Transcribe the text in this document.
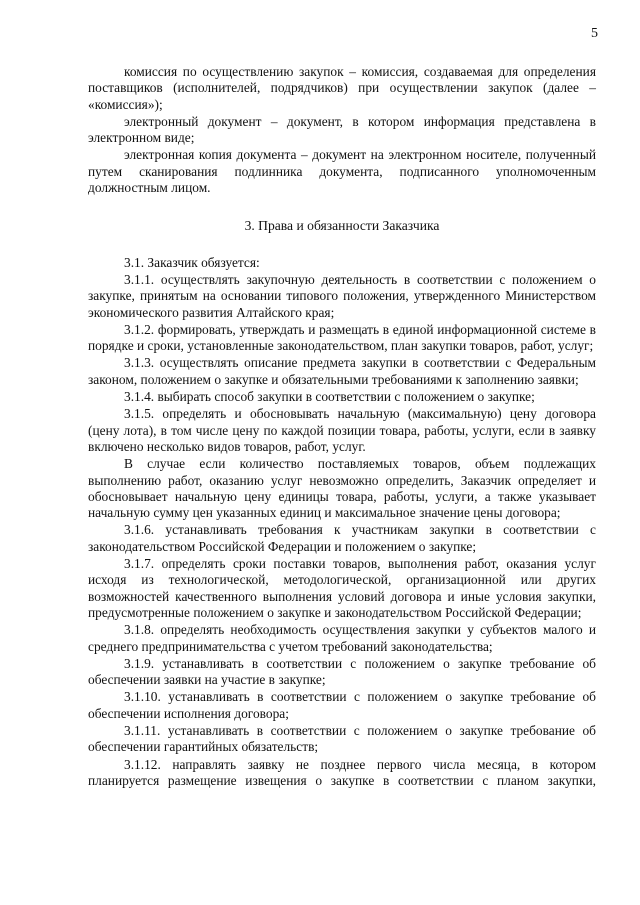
5

комиссия по осуществлению закупок – комиссия, создаваемая для определения поставщиков (исполнителей, подрядчиков) при осуществлении закупок (далее – «комиссия»);

электронный документ – документ, в котором информация представлена в электронном виде;

электронная копия документа – документ на электронном носителе, полученный путем сканирования подлинника документа, подписанного уполномоченным должностным лицом.

3. Права и обязанности Заказчика

3.1. Заказчик обязуется:

3.1.1. осуществлять закупочную деятельность в соответствии с положением о закупке, принятым на основании типового положения, утвержденного Министерством экономического развития Алтайского края;

3.1.2. формировать, утверждать и размещать в единой информационной системе в порядке и сроки, установленные законодательством, план закупки товаров, работ, услуг;

3.1.3. осуществлять описание предмета закупки в соответствии с Федеральным законом, положением о закупке и обязательными требованиями к заполнению заявки;

3.1.4. выбирать способ закупки в соответствии с положением о закупке;

3.1.5. определять и обосновывать начальную (максимальную) цену договора (цену лота), в том числе цену по каждой позиции товара, работы, услуги, если в заявку включено несколько видов товаров, работ, услуг.

В случае если количество поставляемых товаров, объем подлежащих выполнению работ, оказанию услуг невозможно определить, Заказчик определяет и обосновывает начальную цену единицы товара, работы, услуги, а также указывает начальную сумму цен указанных единиц и максимальное значение цены договора;

3.1.6. устанавливать требования к участникам закупки в соответствии с законодательством Российской Федерации и положением о закупке;

3.1.7. определять сроки поставки товаров, выполнения работ, оказания услуг исходя из технологической, методологической, организационной или других возможностей качественного выполнения условий договора и иные условия закупки, предусмотренные положением о закупке и законодательством Российской Федерации;

3.1.8. определять необходимость осуществления закупки у субъектов малого и среднего предпринимательства с учетом требований законодательства;

3.1.9. устанавливать в соответствии с положением о закупке требование об обеспечении заявки на участие в закупке;

3.1.10. устанавливать в соответствии с положением о закупке требование об обеспечении исполнения договора;

3.1.11. устанавливать в соответствии с положением о закупке требование об обеспечении гарантийных обязательств;

3.1.12. направлять заявку не позднее первого числа месяца, в котором планируется размещение извещения о закупке в соответствии с планом закупки,
